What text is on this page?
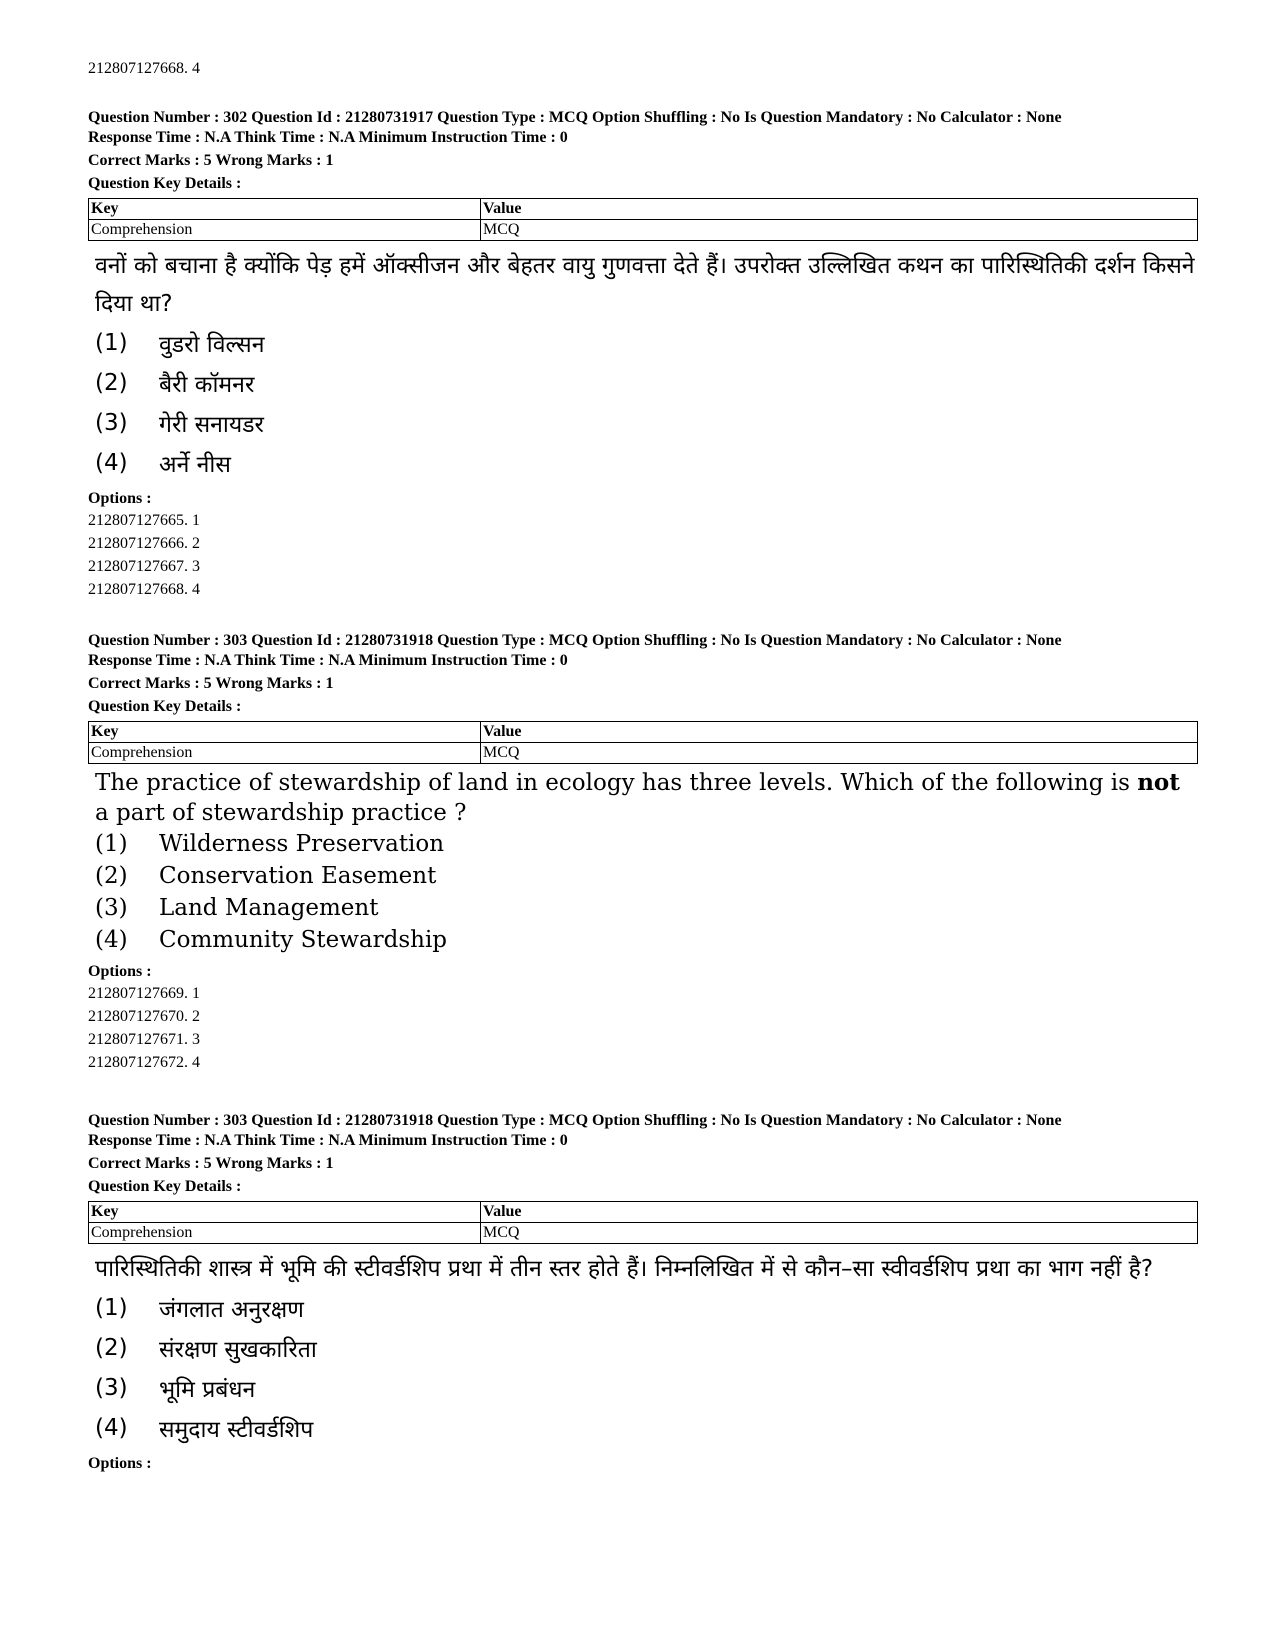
212807127668. 4
Question Number : 302 Question Id : 21280731917 Question Type : MCQ Option Shuffling : No Is Question Mandatory : No Calculator : None
Response Time : N.A Think Time : N.A Minimum Instruction Time : 0
Correct Marks : 5 Wrong Marks : 1
Question Key Details :
Key	Value
Comprehension	MCQ
वनों को बचाना है क्योंकि पेड़ हमें ऑक्सीजन और बेहतर वायु गुणवत्ता देते हैं। उपरोक्त उल्लिखित कथन का पारिस्थितिकी दर्शन किसने दिया था?
(1)	वुडरो विल्सन
(2)	बैरी कॉमनर
(3)	गेरी सनायडर
(4)	अर्ने नीस
Options :
212807127665. 1
212807127666. 2
212807127667. 3
212807127668. 4
Question Number : 303 Question Id : 21280731918 Question Type : MCQ Option Shuffling : No Is Question Mandatory : No Calculator : None
Response Time : N.A Think Time : N.A Minimum Instruction Time : 0
Correct Marks : 5 Wrong Marks : 1
Question Key Details :
Key	Value
Comprehension	MCQ
The practice of stewardship of land in ecology has three levels. Which of the following is not a part of stewardship practice ?
(1)	Wilderness Preservation
(2)	Conservation Easement
(3)	Land Management
(4)	Community Stewardship
Options :
212807127669. 1
212807127670. 2
212807127671. 3
212807127672. 4
Question Number : 303 Question Id : 21280731918 Question Type : MCQ Option Shuffling : No Is Question Mandatory : No Calculator : None
Response Time : N.A Think Time : N.A Minimum Instruction Time : 0
Correct Marks : 5 Wrong Marks : 1
Question Key Details :
Key	Value
Comprehension	MCQ
पारिस्थितिकी शास्त्र में भूमि की स्टीवर्डशिप प्रथा में तीन स्तर होते हैं। निम्नलिखित में से कौन–सा स्वीवर्डशिप प्रथा का भाग नहीं है?
(1)	जंगलात अनुरक्षण
(2)	संरक्षण सुखकारिता
(3)	भूमि प्रबंधन
(4)	समुदाय स्टीवर्डशिप
Options :
